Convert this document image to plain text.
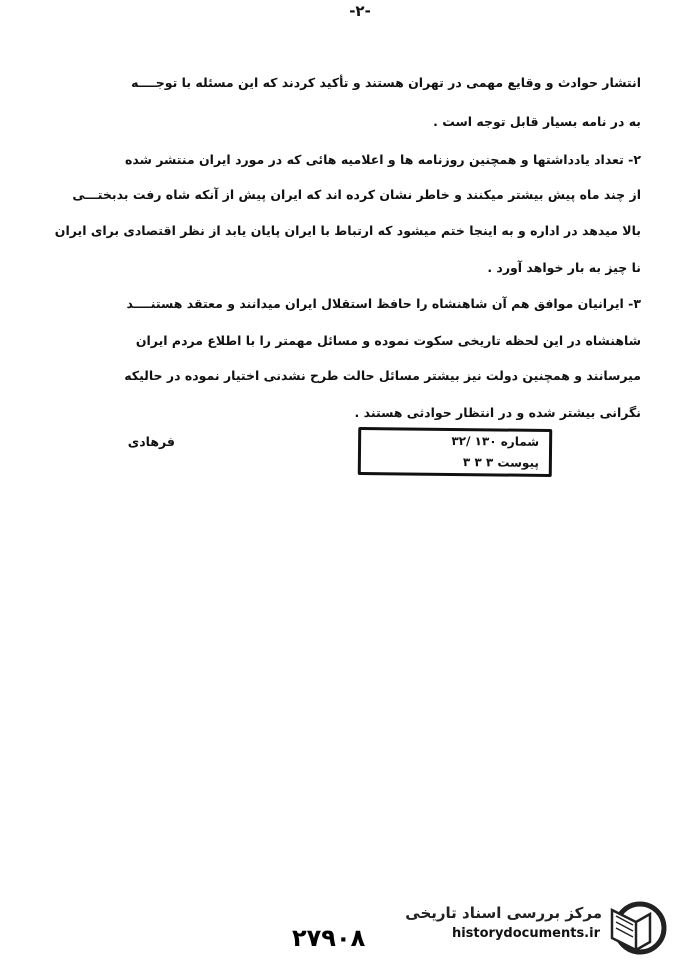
-۲-
انتشار حوادث و وقایع مهمی در تهران هستند و تأکید کردند که این مسئله با توجــــه
به در نامه بسیار قابل توجه است .
۲- تعداد یادداشتها و همچنین روزنامه ها و اعلامیه هائی که در مورد ایران منتشر شده
از چند ماه پیش بیشتر میکنند و خاطر نشان کرده اند که ایران پیش از آنکه شاه رفت بدبختـــی
بالا میدهد در اداره و به اینجا ختم میشود که ارتباط با ایران پایان یابد از نظر اقتصادی برای ایران
نا چیز به بار خواهد آورد .
۳- ایرانیان موافق هم آن شاهنشاه را حافظ استقلال ایران میدانند و معتقد هستنــــد
شاهنشاه در این لحظه تاریخی سکوت نموده و مسائل مهمتر را با اطلاع مردم ایران
میرسانند و همچنین دولت نیز بیشتر مسائل حالت طرح نشدنی اختیار نموده در حالیکه
نگرانی بیشتر شده و در انتظار حوادثی هستند .
فرهادی	شماره ۱۳۰ /۳۲
پیوست ۳ ۳ ۳
۲۷۹۰۸
مرکز بررسی اسناد تاریخی
historydocuments.ir
